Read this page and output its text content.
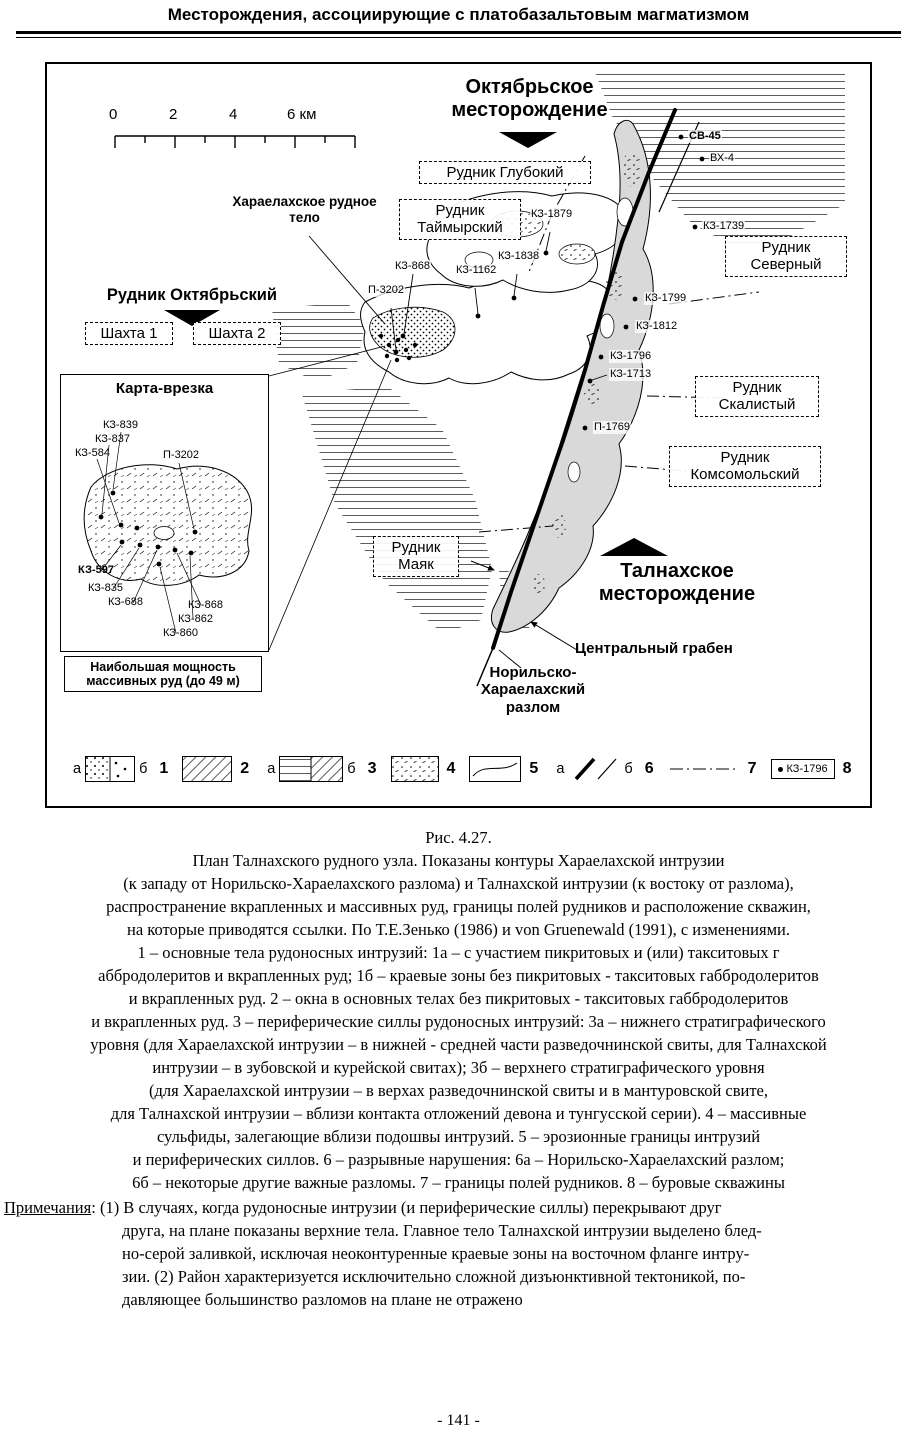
Месторождения, ассоциирующие с платобазальтовым магматизмом
0	2	4	6 км
Октябрьское месторождение
Талнахское месторождение
Рудник Октябрьский
Шахта 1	Шахта 2
Рудник Глубокий
Рудник Таймырский
Рудник Северный
Рудник Скалистый
Рудник Комсомольский
Рудник Маяк
Хараелахское рудное тело
Центральный грабен
Норильско-Хараелахский разлом
КЗ-868
П-3202
КЗ-1162
КЗ-1838
КЗ-1879
КЗ-1739
СВ-45
ВХ-4
КЗ-1799
КЗ-1812
КЗ-1796
КЗ-1713
П-1769
Карта-врезка
КЗ-839
КЗ-837
КЗ-584	П-3202
КЗ-597
КЗ-835
КЗ-688	КЗ-868
КЗ-862
КЗ-860
Наибольшая мощность массивных руд (до 49 м)
а	б 1	2 а	б 3	4	5 а	б 6	7	КЗ-1796 8
Рис. 4.27.
План Талнахского рудного узла. Показаны контуры Хараелахской интрузии
(к западу от Норильско-Хараелахского разлома) и Талнахской интрузии (к востоку от разлома),
распространение вкрапленных и массивных руд, границы полей рудников и расположение скважин,
на которые приводятся ссылки. По Т.Е.Зенько (1986) и von Gruenewald (1991), с изменениями.
1 – основные тела рудоносных интрузий: 1а – с участием пикритовых и (или) такситовых г
аббродолеритов и вкрапленных руд; 1б – краевые зоны без пикритовых - такситовых габбродолеритов
и вкрапленных руд. 2 – окна в основных телах без пикритовых - такситовых габбродолеритов
и вкрапленных руд. 3 – периферические силлы рудоносных интрузий: 3а – нижнего стратиграфического
уровня (для Хараелахской интрузии – в нижней - средней части разведочнинской свиты, для Талнахской
интрузии – в зубовской и курейской свитах); 3б – верхнего стратиграфического уровня
(для Хараелахской интрузии – в верхах разведочнинской свиты и в мантуровской свите,
для Талнахской интрузии – вблизи контакта отложений девона и тунгусской серии). 4 – массивные
сульфиды, залегающие вблизи подошвы интрузий. 5 – эрозионные границы интрузий
и периферических силлов. 6 – разрывные нарушения: 6а – Норильско-Хараелахский разлом;
6б – некоторые другие важные разломы. 7 – границы полей рудников. 8 – буровые скважины
Примечания: (1) В случаях, когда рудоносные интрузии (и периферические силлы) перекрывают друг
друга, на плане показаны верхние тела. Главное тело Талнахской интрузии выделено блед-
но-серой заливкой, исключая неоконтуренные краевые зоны на восточном фланге интру-
зии. (2) Район характеризуется исключительно сложной дизъюнктивной тектоникой, по-
давляющее большинство разломов на плане не отражено
- 141 -
